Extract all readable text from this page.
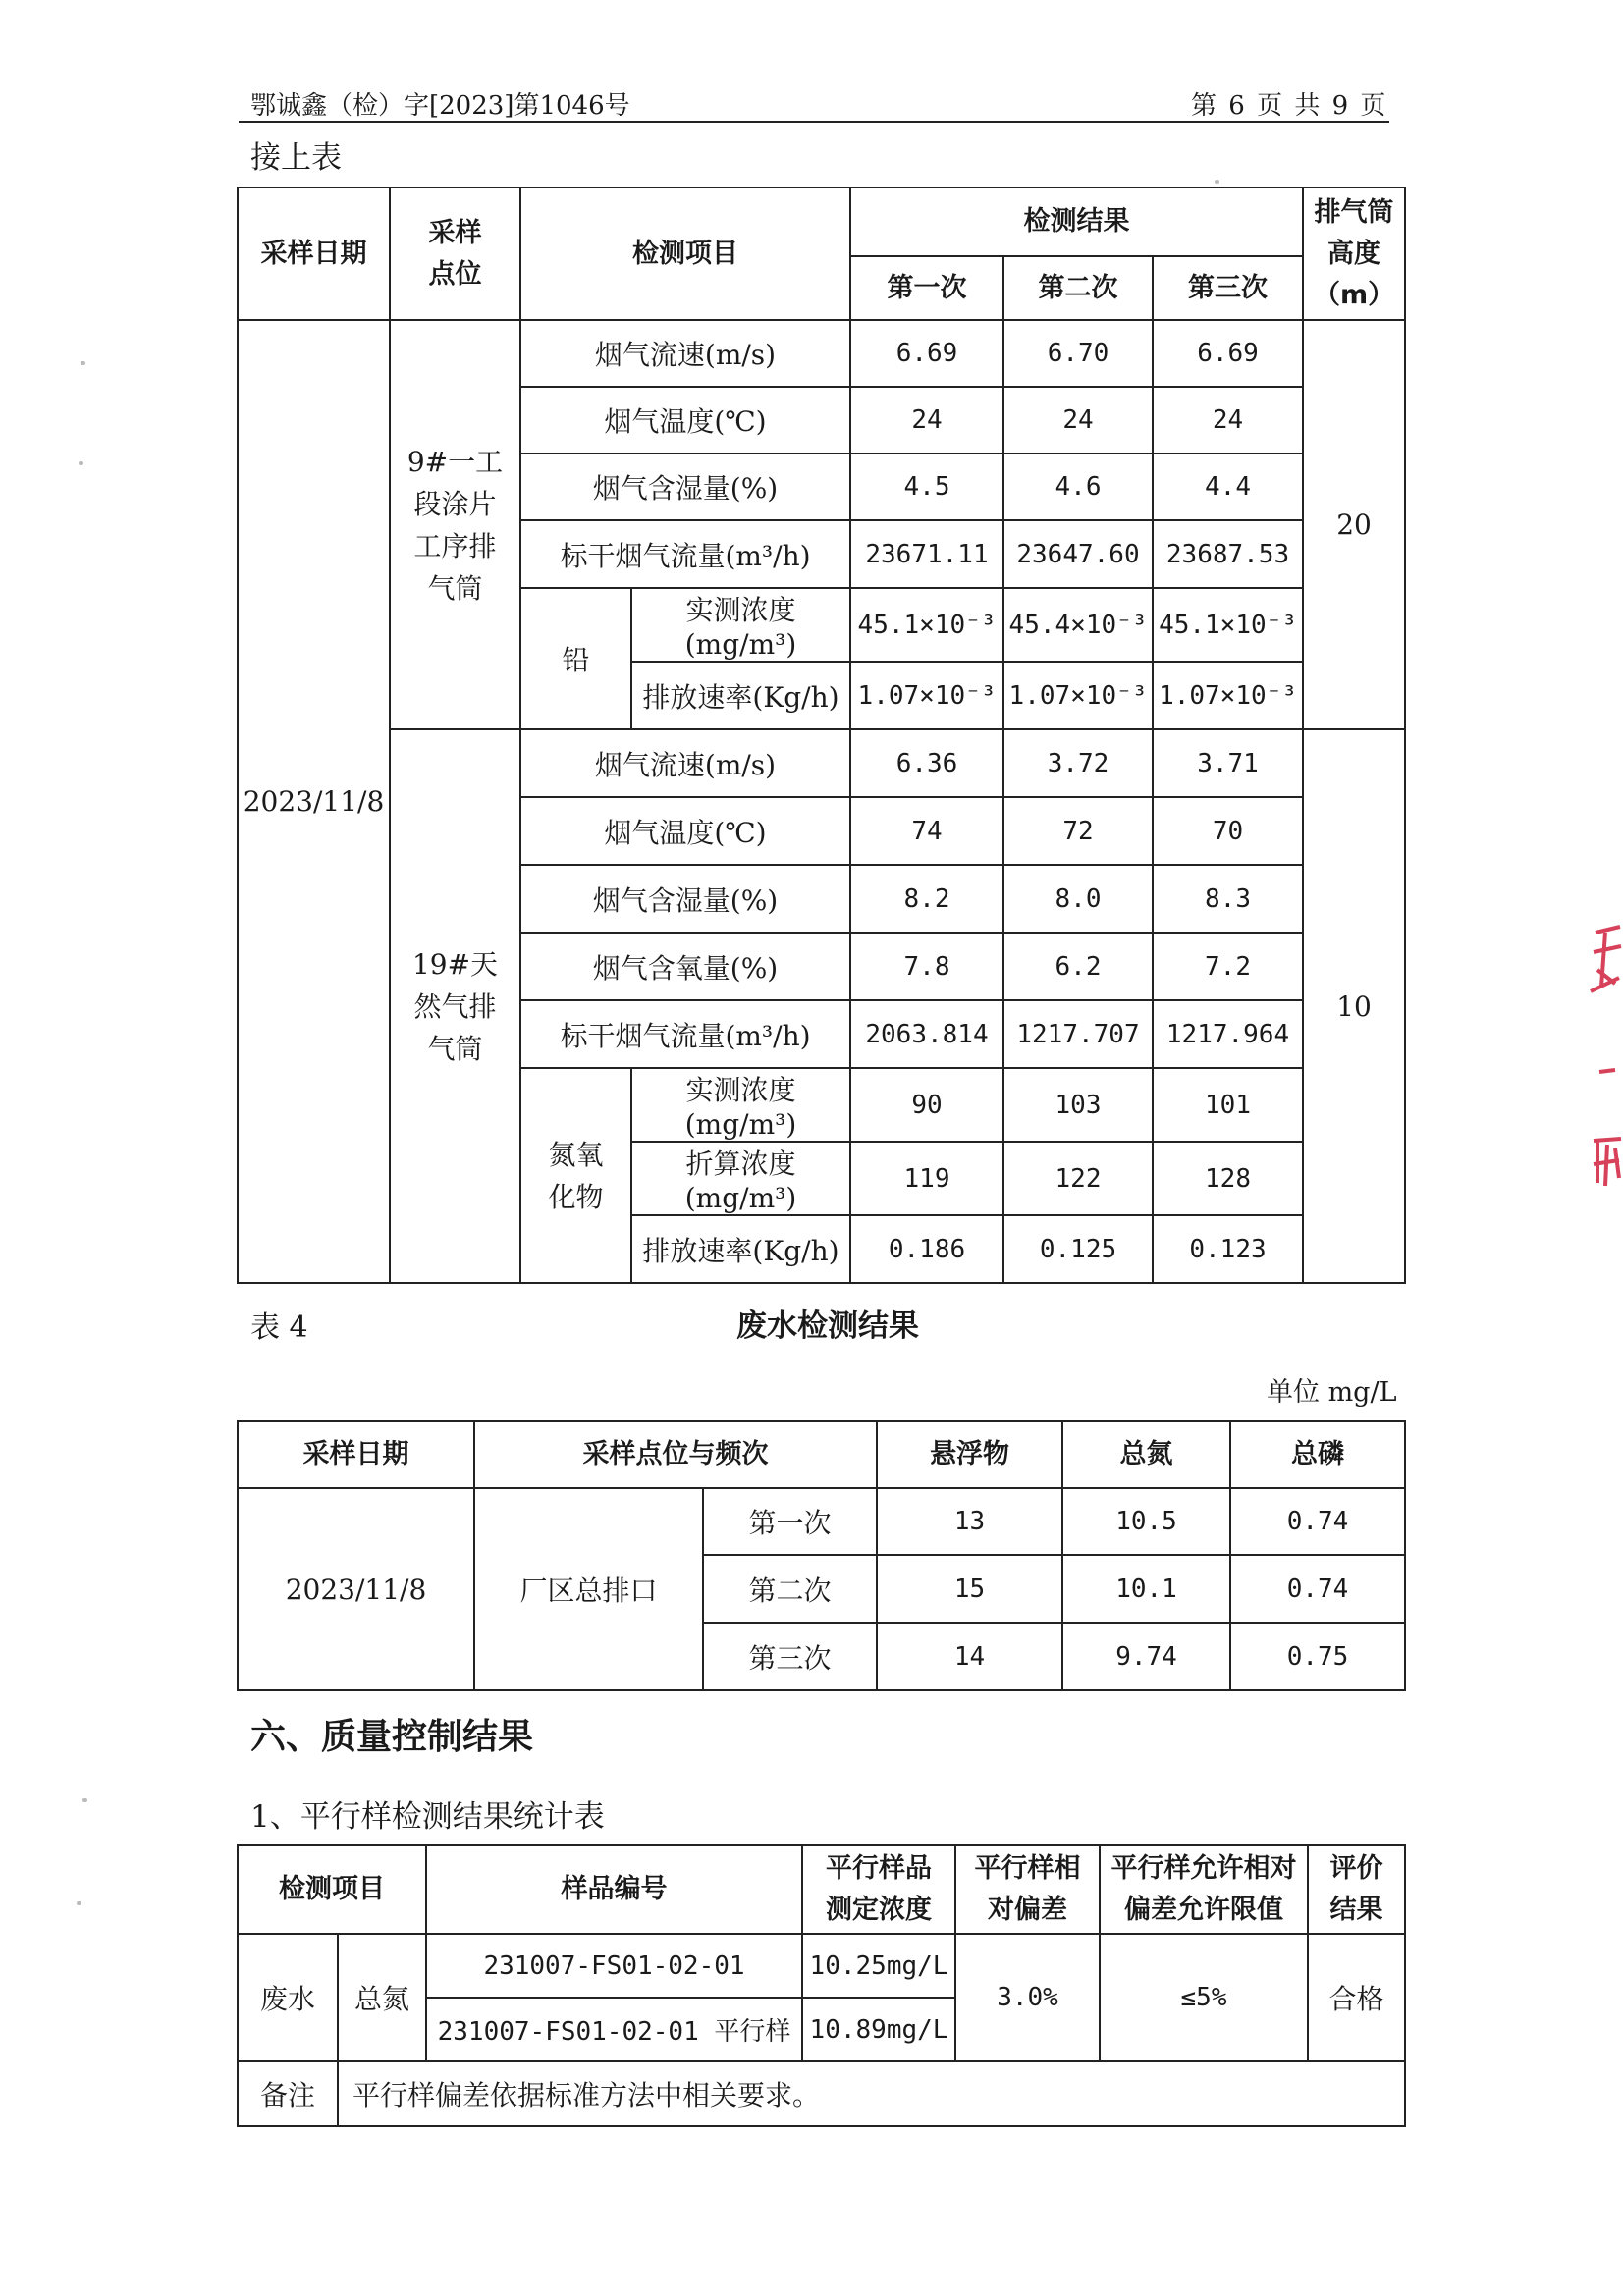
鄂诚鑫（检）字[2023]第1046号	第 6 页 共 9 页
接上表
采样日期	采样点位	检测项目		检测结果			排气筒高度（m）
				第一次	第二次	第三次	
2023/11/8	9#一工段涂片工序排气筒	烟气流速(m/s)		6.69	6.70	6.69	20
		烟气温度(℃)		24	24	24	
		烟气含湿量(%)		4.5	4.6	4.4	
		标干烟气流量(m³/h)		23671.11	23647.60	23687.53	
		铅	实测浓度(mg/m³)	45.1×10⁻³	45.4×10⁻³	45.1×10⁻³	
			排放速率(Kg/h)	1.07×10⁻³	1.07×10⁻³	1.07×10⁻³	
	19#天然气排气筒	烟气流速(m/s)		6.36	3.72	3.71	10
		烟气温度(℃)		74	72	70	
		烟气含湿量(%)		8.2	8.0	8.3	
		烟气含氧量(%)		7.8	6.2	7.2	
		标干烟气流量(m³/h)		2063.814	1217.707	1217.964	
		氮氧化物	实测浓度(mg/m³)	90	103	101	
			折算浓度(mg/m³)	119	122	128	
			排放速率(Kg/h)	0.186	0.125	0.123	
表 4	废水检测结果
单位 mg/L
采样日期	采样点位与频次		悬浮物	总氮	总磷
2023/11/8	厂区总排口	第一次	13	10.5	0.74
		第二次	15	10.1	0.74
		第三次	14	9.74	0.75
六、质量控制结果
1、平行样检测结果统计表
检测项目		样品编号	平行样品测定浓度	平行样相对偏差	平行样允许相对偏差允许限值	评价结果
废水	总氮	231007-FS01-02-01	10.25mg/L	3.0%	≤5%	合格
		231007-FS01-02-01 平行样	10.89mg/L			
备注	平行样偏差依据标准方法中相关要求。					
